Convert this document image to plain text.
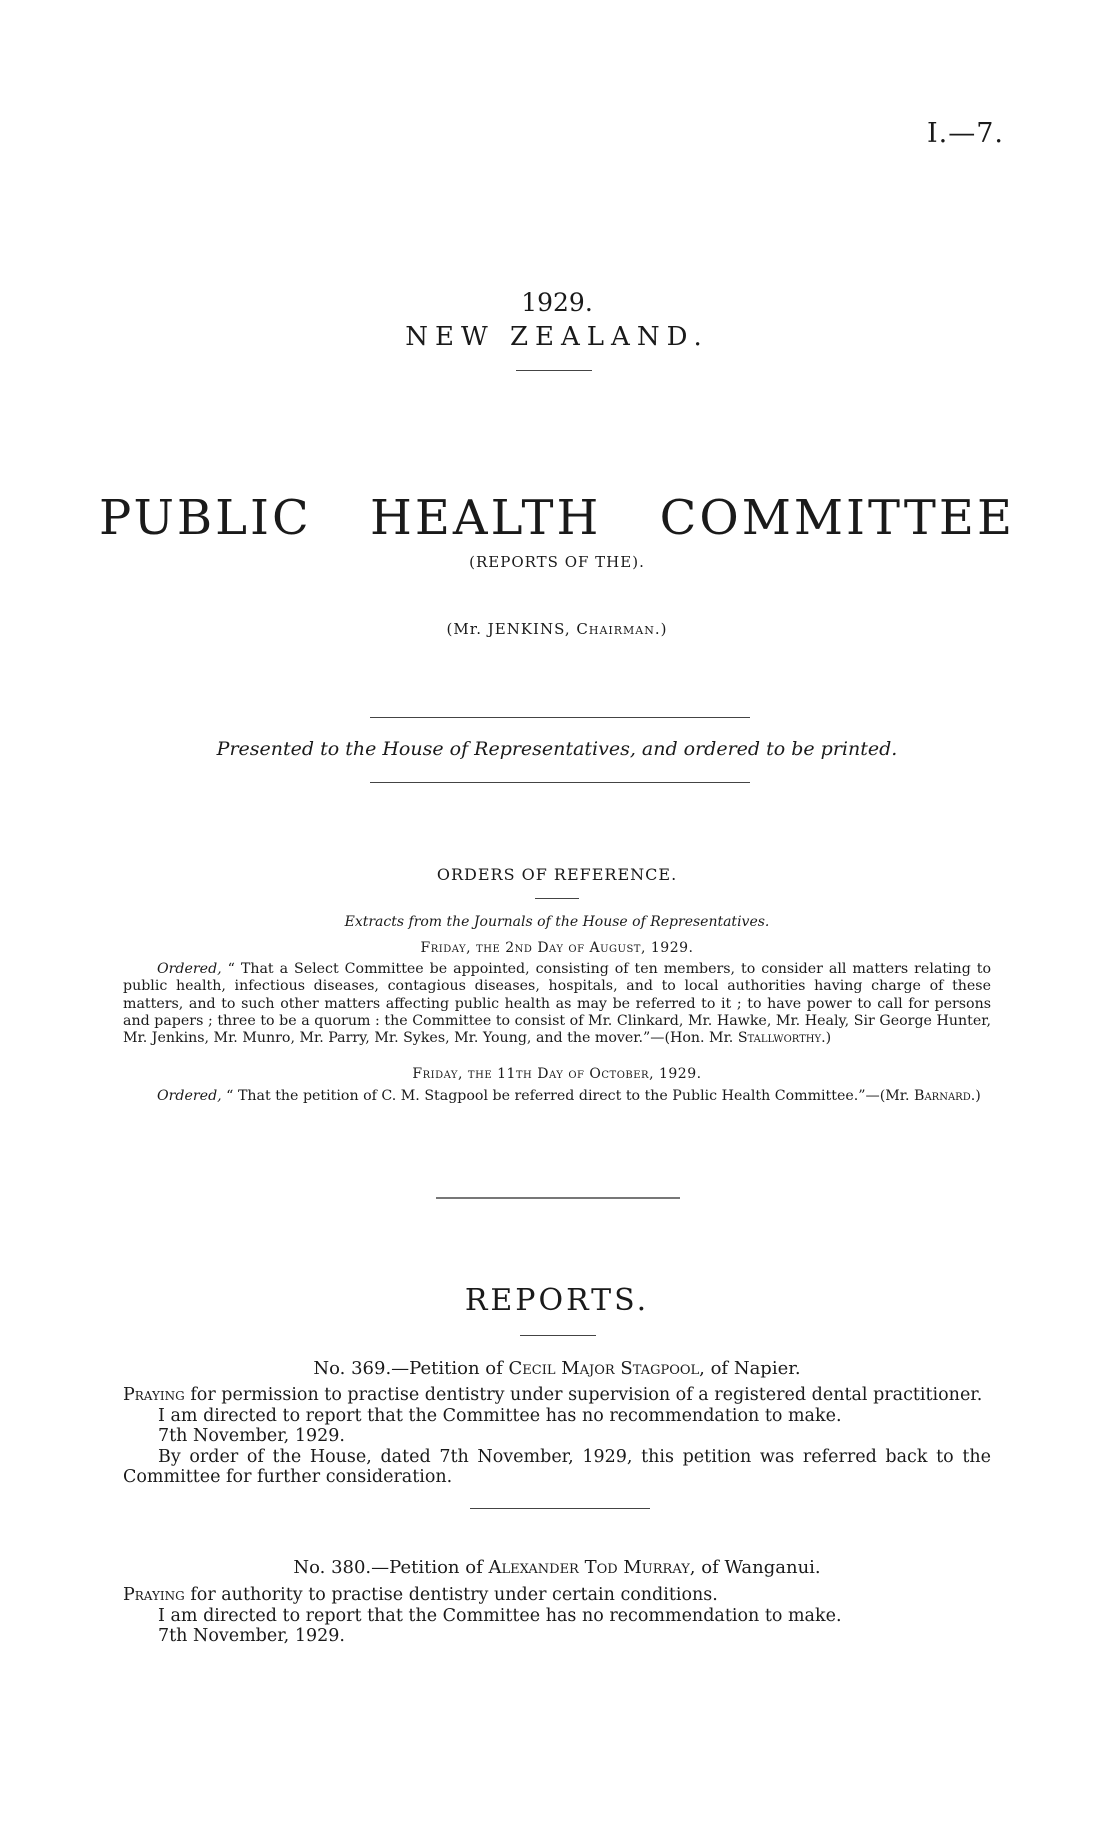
I.—7.
1929.
NEW ZEALAND.
PUBLIC HEALTH COMMITTEE
(REPORTS OF THE).
(Mr. JENKINS, Chairman.)
Presented to the House of Representatives, and ordered to be printed.
ORDERS OF REFERENCE.
Extracts from the Journals of the House of Representatives.
Friday, the 2nd Day of August, 1929.
Ordered, “ That a Select Committee be appointed, consisting of ten members, to consider all matters relating to public health, infectious diseases, contagious diseases, hospitals, and to local authorities having charge of these matters, and to such other matters affecting public health as may be referred to it ; to have power to call for persons and papers ; three to be a quorum : the Committee to consist of Mr. Clinkard, Mr. Hawke, Mr. Healy, Sir George Hunter, Mr. Jenkins, Mr. Munro, Mr. Parry, Mr. Sykes, Mr. Young, and the mover.”—(Hon. Mr. Stallworthy.)
Friday, the 11th Day of October, 1929.
Ordered, “ That the petition of C. M. Stagpool be referred direct to the Public Health Committee.”—(Mr. Barnard.)
REPORTS.
No. 369.—Petition of Cecil Major Stagpool, of Napier.

Praying for permission to practise dentistry under supervision of a registered dental practitioner.

I am directed to report that the Committee has no recommendation to make.

7th November, 1929.

By order of the House, dated 7th November, 1929, this petition was referred back to the Committee for further consideration.

No. 380.—Petition of Alexander Tod Murray, of Wanganui.

Praying for authority to practise dentistry under certain conditions.

I am directed to report that the Committee has no recommendation to make.

7th November, 1929.
